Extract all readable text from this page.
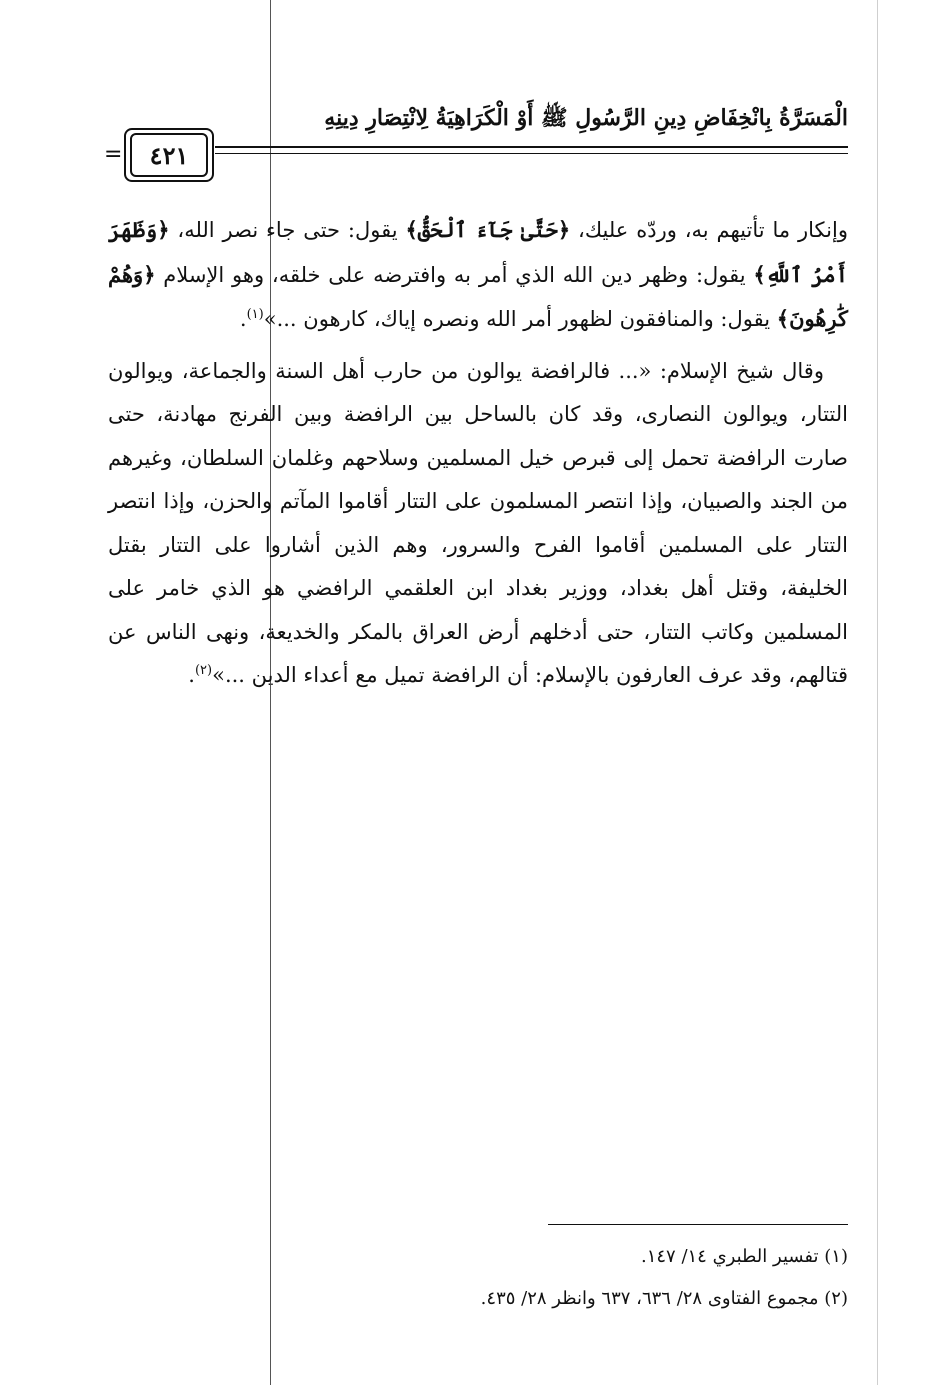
الْمَسَرَّةُ بِانْخِفَاضِ دِينِ الرَّسُولِ ﷺ أَوْ الْكَرَاهِيَةُ لِانْتِصَارِ دِينِهِ
=	٤٢١

وإنكار ما تأتيهم به، وردّه عليك، ﴿حَتَّىٰ جَآءَ ٱلْحَقُّ﴾ يقول: حتى جاء نصر الله، ﴿وَظَهَرَ أَمْرُ ٱللَّهِ﴾ يقول: وظهر دين الله الذي أمر به وافترضه على خلقه، وهو الإسلام ﴿وَهُمْ كَٰرِهُونَ﴾ يقول: والمنافقون لظهور أمر الله ونصره إياك، كارهون ...»$^{(١)}$.

وقال شيخ الإسلام: «... فالرافضة يوالون من حارب أهل السنة والجماعة، ويوالون التتار، ويوالون النصارى، وقد كان بالساحل بين الرافضة وبين الفرنج مهادنة، حتى صارت الرافضة تحمل إلى قبرص خيل المسلمين وسلاحهم وغلمان السلطان، وغيرهم من الجند والصبيان، وإذا انتصر المسلمون على التتار أقاموا المآتم والحزن، وإذا انتصر التتار على المسلمين أقاموا الفرح والسرور، وهم الذين أشاروا على التتار بقتل الخليفة، وقتل أهل بغداد، ووزير بغداد ابن العلقمي الرافضي هو الذي خامر على المسلمين وكاتب التتار، حتى أدخلهم أرض العراق بالمكر والخديعة، ونهى الناس عن قتالهم، وقد عرف العارفون بالإسلام: أن الرافضة تميل مع أعداء الدين ...»$^{(٢)}$.

(١) تفسير الطبري ١٤/ ١٤٧.
(٢) مجموع الفتاوى ٢٨/ ٦٣٦، ٦٣٧ وانظر ٢٨/ ٤٣٥.
